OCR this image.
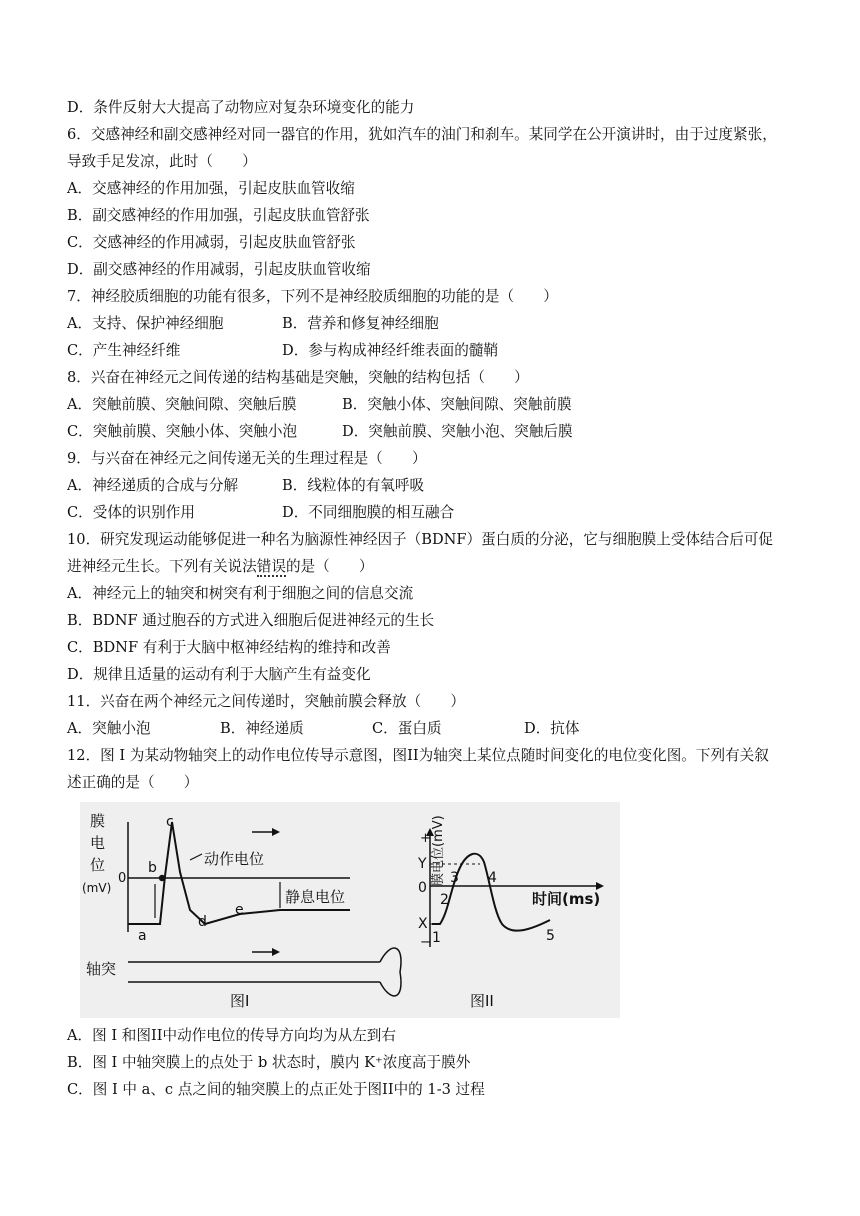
D．条件反射大大提高了动物应对复杂环境变化的能力
6．交感神经和副交感神经对同一器官的作用，犹如汽车的油门和刹车。某同学在公开演讲时，由于过度紧张，
导致手足发凉，此时（　　）
A．交感神经的作用加强，引起皮肤血管收缩
B．副交感神经的作用加强，引起皮肤血管舒张
C．交感神经的作用减弱，引起皮肤血管舒张
D．副交感神经的作用减弱，引起皮肤血管收缩
7．神经胶质细胞的功能有很多，下列不是神经胶质细胞的功能的是（　　）
A．支持、保护神经细胞	B．营养和修复神经细胞
C．产生神经纤维	D．参与构成神经纤维表面的髓鞘
8．兴奋在神经元之间传递的结构基础是突触，突触的结构包括（　　）
A．突触前膜、突触间隙、突触后膜	B．突触小体、突触间隙、突触前膜
C．突触前膜、突触小体、突触小泡	D．突触前膜、突触小泡、突触后膜
9．与兴奋在神经元之间传递无关的生理过程是（　　）
A．神经递质的合成与分解	B．线粒体的有氧呼吸
C．受体的识别作用	D．不同细胞膜的相互融合
10．研究发现运动能够促进一种名为脑源性神经因子（BDNF）蛋白质的分泌，它与细胞膜上受体结合后可促
进神经元生长。下列有关说法错误的是（　　）
A．神经元上的轴突和树突有利于细胞之间的信息交流
B．BDNF 通过胞吞的方式进入细胞后促进神经元的生长
C．BDNF 有利于大脑中枢神经结构的维持和改善
D．规律且适量的运动有利于大脑产生有益变化
11．兴奋在两个神经元之间传递时，突触前膜会释放（　　）
A．突触小泡	B．神经递质	C．蛋白质	D．抗体
12．图 I 为某动物轴突上的动作电位传导示意图，图II为轴突上某位点随时间变化的电位变化图。下列有关叙
述正确的是（　　）
膜
电
位
(mV)
0
a
b
c
d
e
动作电位
静息电位
轴突
图I
膜电位(mV)
+
−
Y
0
X
1
2
3 4
5
时间(ms)
图II
A．图 I 和图II中动作电位的传导方向均为从左到右
B．图 I 中轴突膜上的点处于 b 状态时，膜内 K⁺浓度高于膜外
C．图 I 中 a、c 点之间的轴突膜上的点正处于图II中的 1-3 过程
